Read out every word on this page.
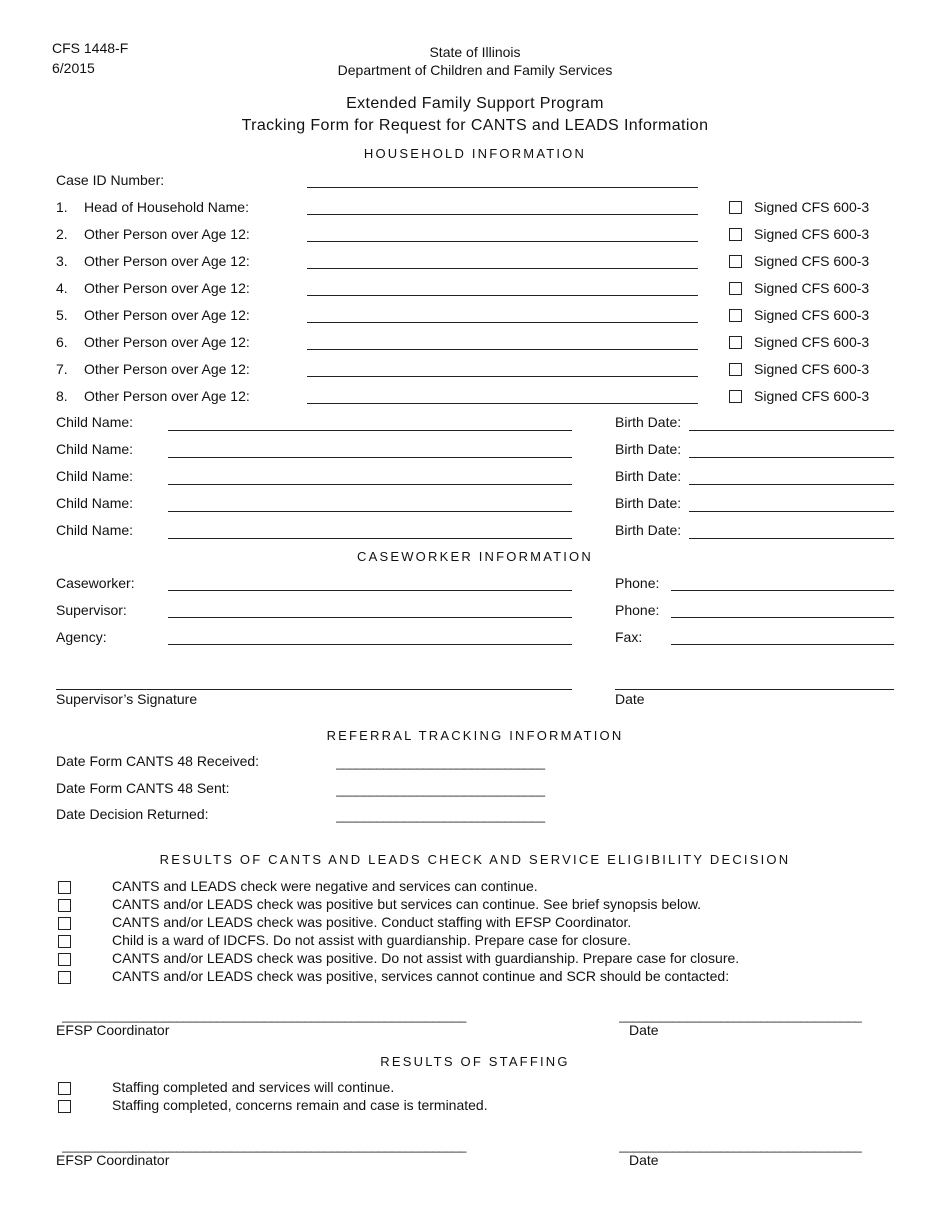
CFS 1448-F
6/2015
State of Illinois
Department of Children and Family Services
Extended Family Support Program
Tracking Form for Request for CANTS and LEADS Information
HOUSEHOLD INFORMATION
Case ID Number:
1. Head of Household Name:	Signed CFS 600-3
2. Other Person over Age 12:	Signed CFS 600-3
3. Other Person over Age 12:	Signed CFS 600-3
4. Other Person over Age 12:	Signed CFS 600-3
5. Other Person over Age 12:	Signed CFS 600-3
6. Other Person over Age 12:	Signed CFS 600-3
7. Other Person over Age 12:	Signed CFS 600-3
8. Other Person over Age 12:	Signed CFS 600-3
Child Name:	Birth Date:
Child Name:	Birth Date:
Child Name:	Birth Date:
Child Name:	Birth Date:
Child Name:	Birth Date:
CASEWORKER INFORMATION
Caseworker:	Phone:
Supervisor:	Phone:
Agency:	Fax:
Supervisor’s Signature	Date
REFERRAL TRACKING INFORMATION
Date Form CANTS 48 Received:	_______________________________
Date Form CANTS 48 Sent:	_______________________________
Date Decision Returned:	_______________________________
RESULTS OF CANTS AND LEADS CHECK AND SERVICE ELIGIBILITY DECISION
CANTS and LEADS check were negative and services can continue.
CANTS and/or LEADS check was positive but services can continue. See brief synopsis below.
CANTS and/or LEADS check was positive. Conduct staffing with EFSP Coordinator.
Child is a ward of IDCFS. Do not assist with guardianship. Prepare case for closure.
CANTS and/or LEADS check was positive. Do not assist with guardianship. Prepare case for closure.
CANTS and/or LEADS check was positive, services cannot continue and SCR should be contacted:
____________________________________________________________
EFSP Coordinator
____________________________________
Date
RESULTS OF STAFFING
Staffing completed and services will continue.
Staffing completed, concerns remain and case is terminated.
____________________________________________________________
EFSP Coordinator
____________________________________
Date
